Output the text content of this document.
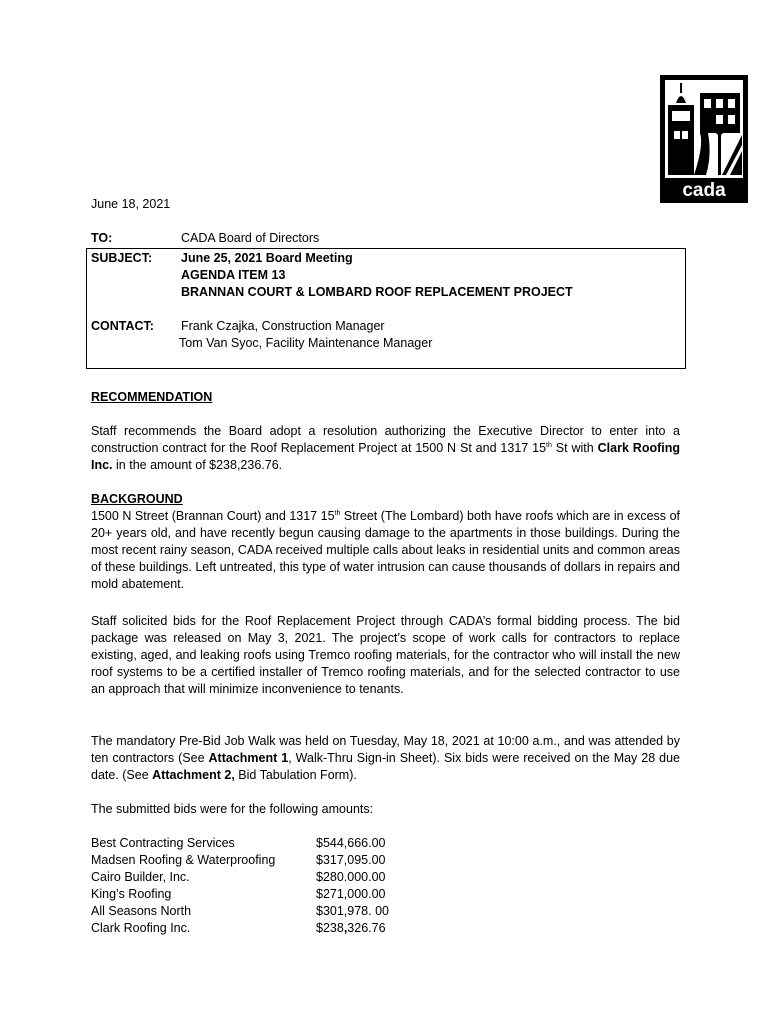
cada
June 18, 2021
TO:	CADA Board of Directors
SUBJECT: June 25, 2021 Board Meeting
AGENDA ITEM 13
BRANNAN COURT & LOMBARD ROOF REPLACEMENT PROJECT
CONTACT: Frank Czajka, Construction Manager
Tom Van Syoc, Facility Maintenance Manager
RECOMMENDATION
Staff recommends the Board adopt a resolution authorizing the Executive Director to enter into a construction contract for the Roof Replacement Project at 1500 N St and 1317 15th St with Clark Roofing Inc. in the amount of $238,236.76.
BACKGROUND
1500 N Street (Brannan Court) and 1317 15th Street (The Lombard) both have roofs which are in excess of 20+ years old, and have recently begun causing damage to the apartments in those buildings. During the most recent rainy season, CADA received multiple calls about leaks in residential units and common areas of these buildings. Left untreated, this type of water intrusion can cause thousands of dollars in repairs and mold abatement.
Staff solicited bids for the Roof Replacement Project through CADA’s formal bidding process. The bid package was released on May 3, 2021. The project’s scope of work calls for contractors to replace existing, aged, and leaking roofs using Tremco roofing materials, for the contractor who will install the new roof systems to be a certified installer of Tremco roofing materials, and for the selected contractor to use an approach that will minimize inconvenience to tenants.
The mandatory Pre-Bid Job Walk was held on Tuesday, May 18, 2021 at 10:00 a.m., and was attended by ten contractors (See Attachment 1, Walk-Thru Sign-in Sheet). Six bids were received on the May 28 due date. (See Attachment 2, Bid Tabulation Form).
The submitted bids were for the following amounts:
Best Contracting Services	$544,666.00
Madsen Roofing & Waterproofing	$317,095.00
Cairo Builder, Inc.	$280.000.00
King’s Roofing	$271,000.00
All Seasons North	$301,978. 00
Clark Roofing Inc.	$238,326.76
